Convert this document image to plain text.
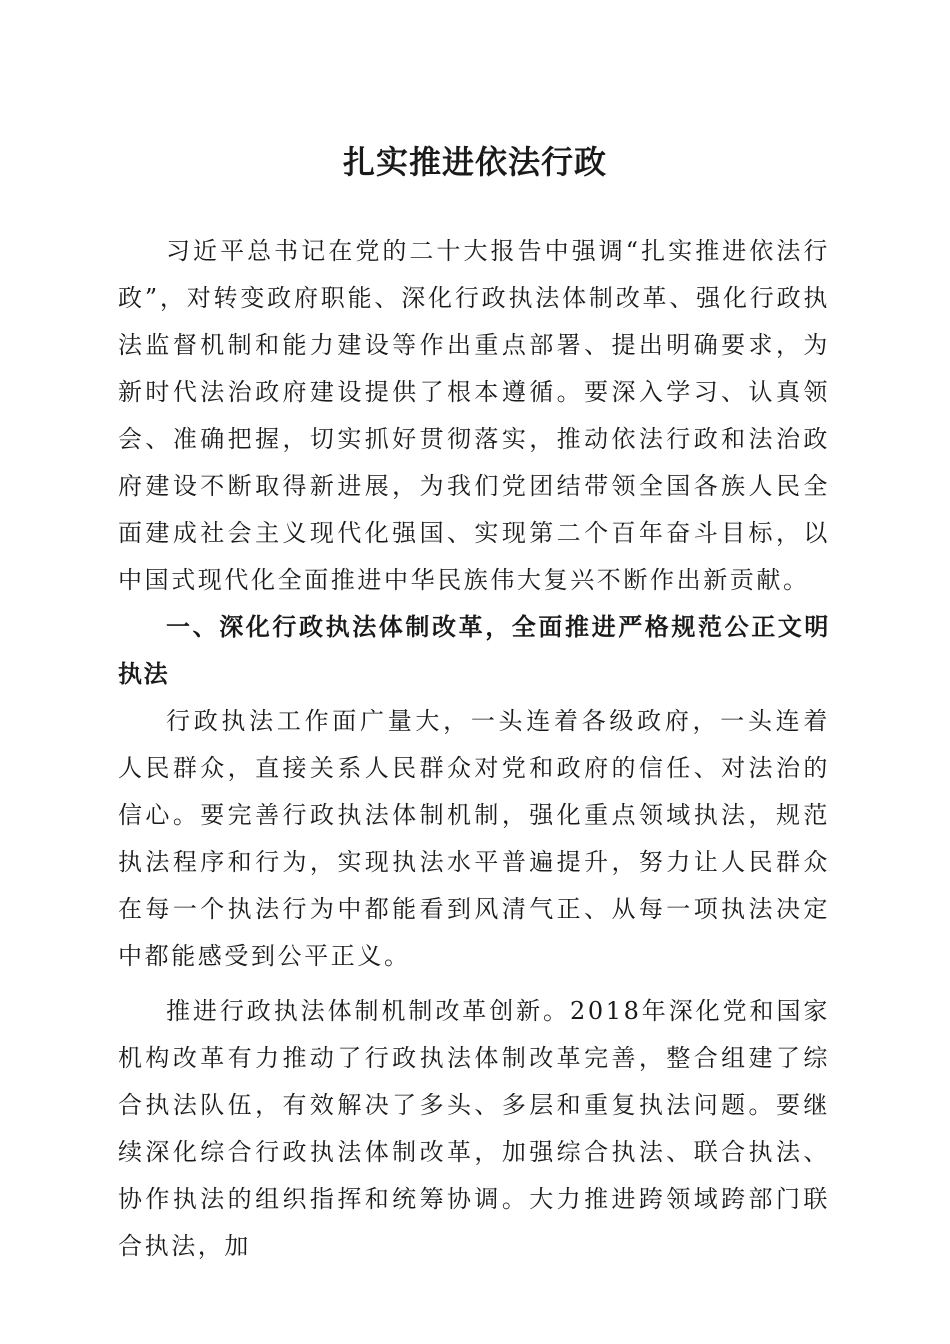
扎实推进依法行政

习近平总书记在党的二十大报告中强调“扎实推进依法行政”，对转变政府职能、深化行政执法体制改革、强化行政执法监督机制和能力建设等作出重点部署、提出明确要求，为新时代法治政府建设提供了根本遵循。要深入学习、认真领会、准确把握，切实抓好贯彻落实，推动依法行政和法治政府建设不断取得新进展，为我们党团结带领全国各族人民全面建成社会主义现代化强国、实现第二个百年奋斗目标，以中国式现代化全面推进中华民族伟大复兴不断作出新贡献。

一、深化行政执法体制改革，全面推进严格规范公正文明执法

行政执法工作面广量大，一头连着各级政府，一头连着人民群众，直接关系人民群众对党和政府的信任、对法治的信心。要完善行政执法体制机制，强化重点领域执法，规范执法程序和行为，实现执法水平普遍提升，努力让人民群众在每一个执法行为中都能看到风清气正、从每一项执法决定中都能感受到公平正义。

推进行政执法体制机制改革创新。2018年深化党和国家机构改革有力推动了行政执法体制改革完善，整合组建了综合执法队伍，有效解决了多头、多层和重复执法问题。要继续深化综合行政执法体制改革，加强综合执法、联合执法、协作执法的组织指挥和统筹协调。大力推进跨领域跨部门联合执法，加
